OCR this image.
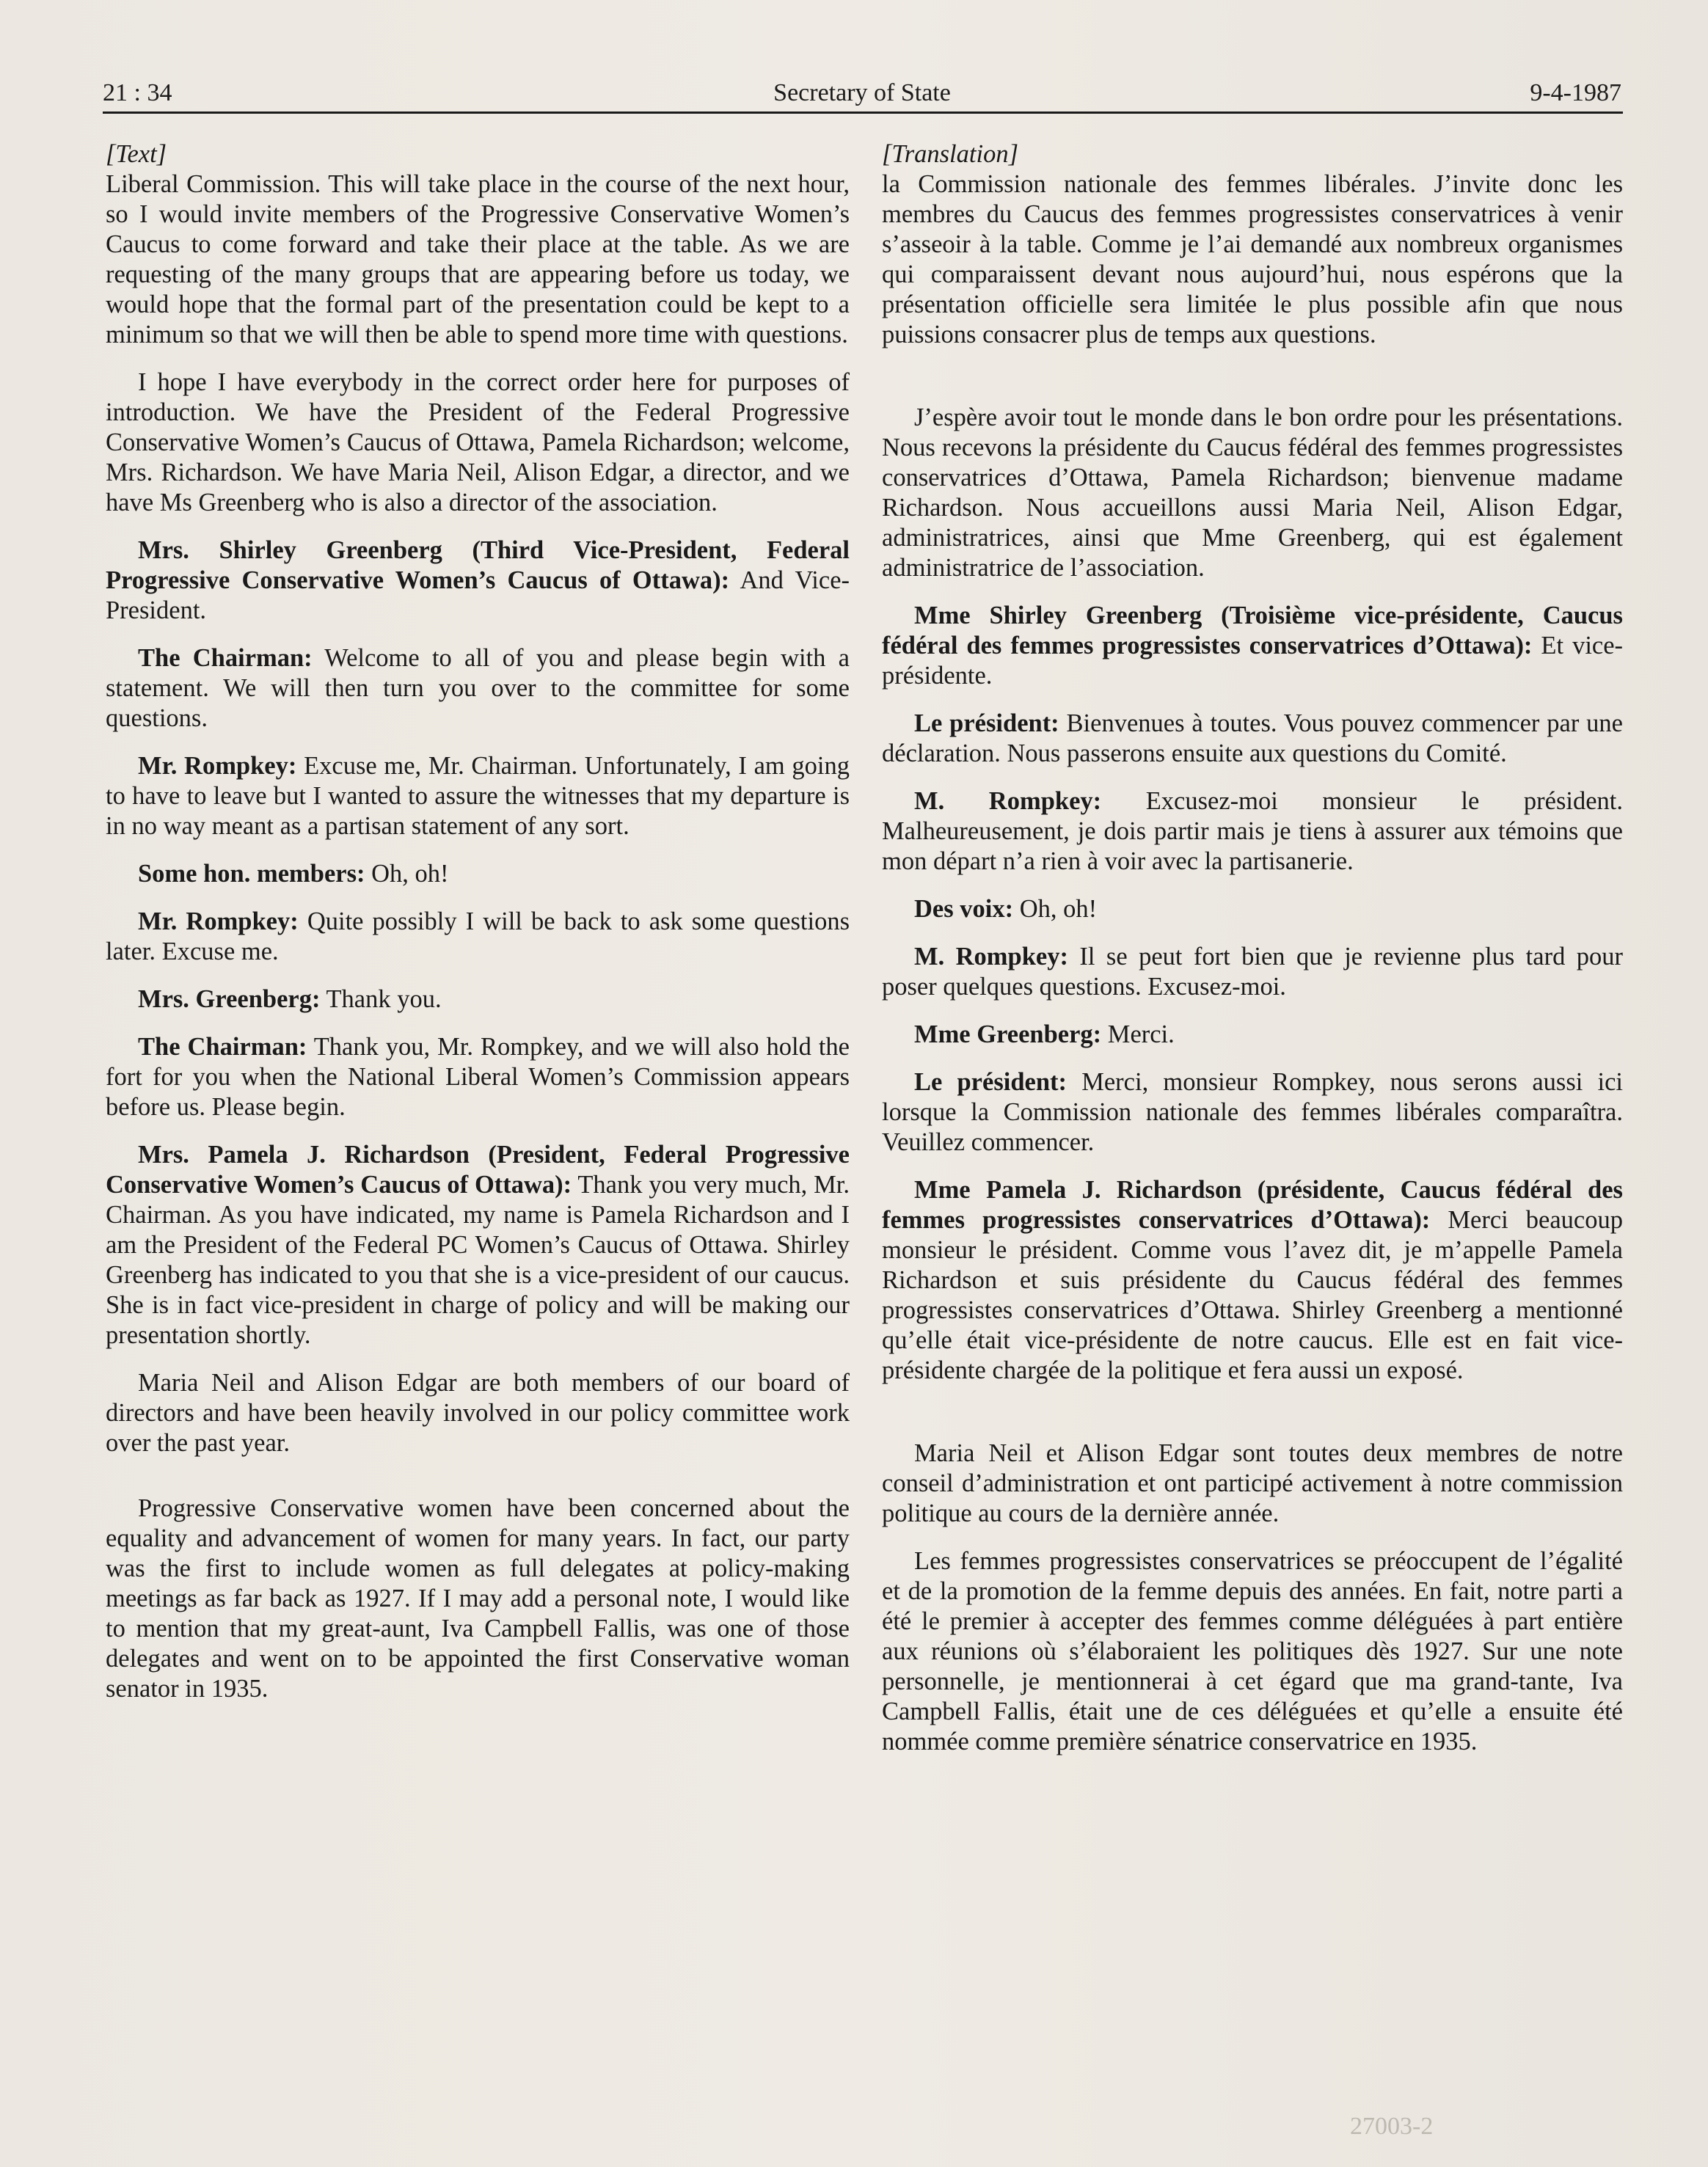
21 : 34	Secretary of State	9-4-1987

[Text]

Liberal Commission. This will take place in the course of the next hour, so I would invite members of the Progressive Conservative Women’s Caucus to come forward and take their place at the table. As we are requesting of the many groups that are appearing before us today, we would hope that the formal part of the presentation could be kept to a minimum so that we will then be able to spend more time with questions.

I hope I have everybody in the correct order here for purposes of introduction. We have the President of the Federal Progressive Conservative Women’s Caucus of Ottawa, Pamela Richardson; welcome, Mrs. Richardson. We have Maria Neil, Alison Edgar, a director, and we have Ms Greenberg who is also a director of the association.

Mrs. Shirley Greenberg (Third Vice-President, Federal Progressive Conservative Women’s Caucus of Ottawa): And Vice-President.

The Chairman: Welcome to all of you and please begin with a statement. We will then turn you over to the committee for some questions.

Mr. Rompkey: Excuse me, Mr. Chairman. Unfortunately, I am going to have to leave but I wanted to assure the witnesses that my departure is in no way meant as a partisan statement of any sort.

Some hon. members: Oh, oh!

Mr. Rompkey: Quite possibly I will be back to ask some questions later. Excuse me.

Mrs. Greenberg: Thank you.

The Chairman: Thank you, Mr. Rompkey, and we will also hold the fort for you when the National Liberal Women’s Commission appears before us. Please begin.

Mrs. Pamela J. Richardson (President, Federal Progressive Conservative Women’s Caucus of Ottawa): Thank you very much, Mr. Chairman. As you have indicated, my name is Pamela Richardson and I am the President of the Federal PC Women’s Caucus of Ottawa. Shirley Greenberg has indicated to you that she is a vice-president of our caucus. She is in fact vice-president in charge of policy and will be making our presentation shortly.

Maria Neil and Alison Edgar are both members of our board of directors and have been heavily involved in our policy committee work over the past year.

Progressive Conservative women have been concerned about the equality and advancement of women for many years. In fact, our party was the first to include women as full delegates at policy-making meetings as far back as 1927. If I may add a personal note, I would like to mention that my great-aunt, Iva Campbell Fallis, was one of those delegates and went on to be appointed the first Conservative woman senator in 1935.

[Translation]

la Commission nationale des femmes libérales. J’invite donc les membres du Caucus des femmes progressistes conservatrices à venir s’asseoir à la table. Comme je l’ai demandé aux nombreux organismes qui comparaissent devant nous aujourd’hui, nous espérons que la présentation officielle sera limitée le plus possible afin que nous puissions consacrer plus de temps aux questions.

J’espère avoir tout le monde dans le bon ordre pour les présentations. Nous recevons la présidente du Caucus fédéral des femmes progressistes conservatrices d’Ottawa, Pamela Richardson; bienvenue madame Richardson. Nous accueillons aussi Maria Neil, Alison Edgar, administratrices, ainsi que Mme Greenberg, qui est également administratrice de l’association.

Mme Shirley Greenberg (Troisième vice-présidente, Caucus fédéral des femmes progressistes conservatrices d’Ottawa): Et vice-présidente.

Le président: Bienvenues à toutes. Vous pouvez commencer par une déclaration. Nous passerons ensuite aux questions du Comité.

M. Rompkey: Excusez-moi monsieur le président. Malheureusement, je dois partir mais je tiens à assurer aux témoins que mon départ n’a rien à voir avec la partisanerie.

Des voix: Oh, oh!

M. Rompkey: Il se peut fort bien que je revienne plus tard pour poser quelques questions. Excusez-moi.

Mme Greenberg: Merci.

Le président: Merci, monsieur Rompkey, nous serons aussi ici lorsque la Commission nationale des femmes libérales comparaîtra. Veuillez commencer.

Mme Pamela J. Richardson (présidente, Caucus fédéral des femmes progressistes conservatrices d’Ottawa): Merci beaucoup monsieur le président. Comme vous l’avez dit, je m’appelle Pamela Richardson et suis présidente du Caucus fédéral des femmes progressistes conservatrices d’Ottawa. Shirley Greenberg a mentionné qu’elle était vice-présidente de notre caucus. Elle est en fait vice-présidente chargée de la politique et fera aussi un exposé.

Maria Neil et Alison Edgar sont toutes deux membres de notre conseil d’administration et ont participé activement à notre commission politique au cours de la dernière année.

Les femmes progressistes conservatrices se préoccupent de l’égalité et de la promotion de la femme depuis des années. En fait, notre parti a été le premier à accepter des femmes comme déléguées à part entière aux réunions où s’élaboraient les politiques dès 1927. Sur une note personnelle, je mentionnerai à cet égard que ma grand-tante, Iva Campbell Fallis, était une de ces déléguées et qu’elle a ensuite été nommée comme première sénatrice conservatrice en 1935.

27003-2
